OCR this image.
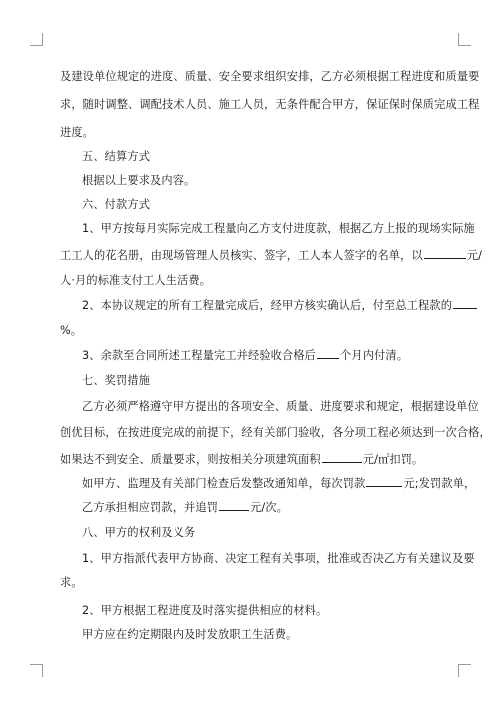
及建设单位规定的进度、质量、安全要求组织安排，乙方必须根据工程进度和质量要
求，随时调整、调配技术人员、施工人员，无条件配合甲方，保证保时保质完成工程
进度。
五、结算方式
根据以上要求及内容。
六、付款方式
1、甲方按每月实际完成工程量向乙方支付进度款，根据乙方上报的现场实际施
工工人的花名册，由现场管理人员核实、签字，工人本人签字的名单，以	元/
人·月的标准支付工人生活费。
2、本协议规定的所有工程量完成后，经甲方核实确认后，付至总工程款的
%。
3、余款至合同所述工程量完工并经验收合格后 个月内付清。
七、奖罚措施
乙方必须严格遵守甲方提出的各项安全、质量、进度要求和规定，根据建设单位
创优目标，在按进度完成的前提下，经有关部门验收，各分项工程必须达到一次合格，
如果达不到安全、质量要求，则按相关分项建筑面积	元/㎡扣罚。
如甲方、监理及有关部门检查后发整改通知单，每次罚款	元;发罚款单，
乙方承担相应罚款，并追罚	元/次。
八、甲方的权利及义务
1、甲方指派代表甲方协商、决定工程有关事项，批准或否决乙方有关建议及要
求。
2、甲方根据工程进度及时落实提供相应的材料。
甲方应在约定期限内及时发放职工生活费。
